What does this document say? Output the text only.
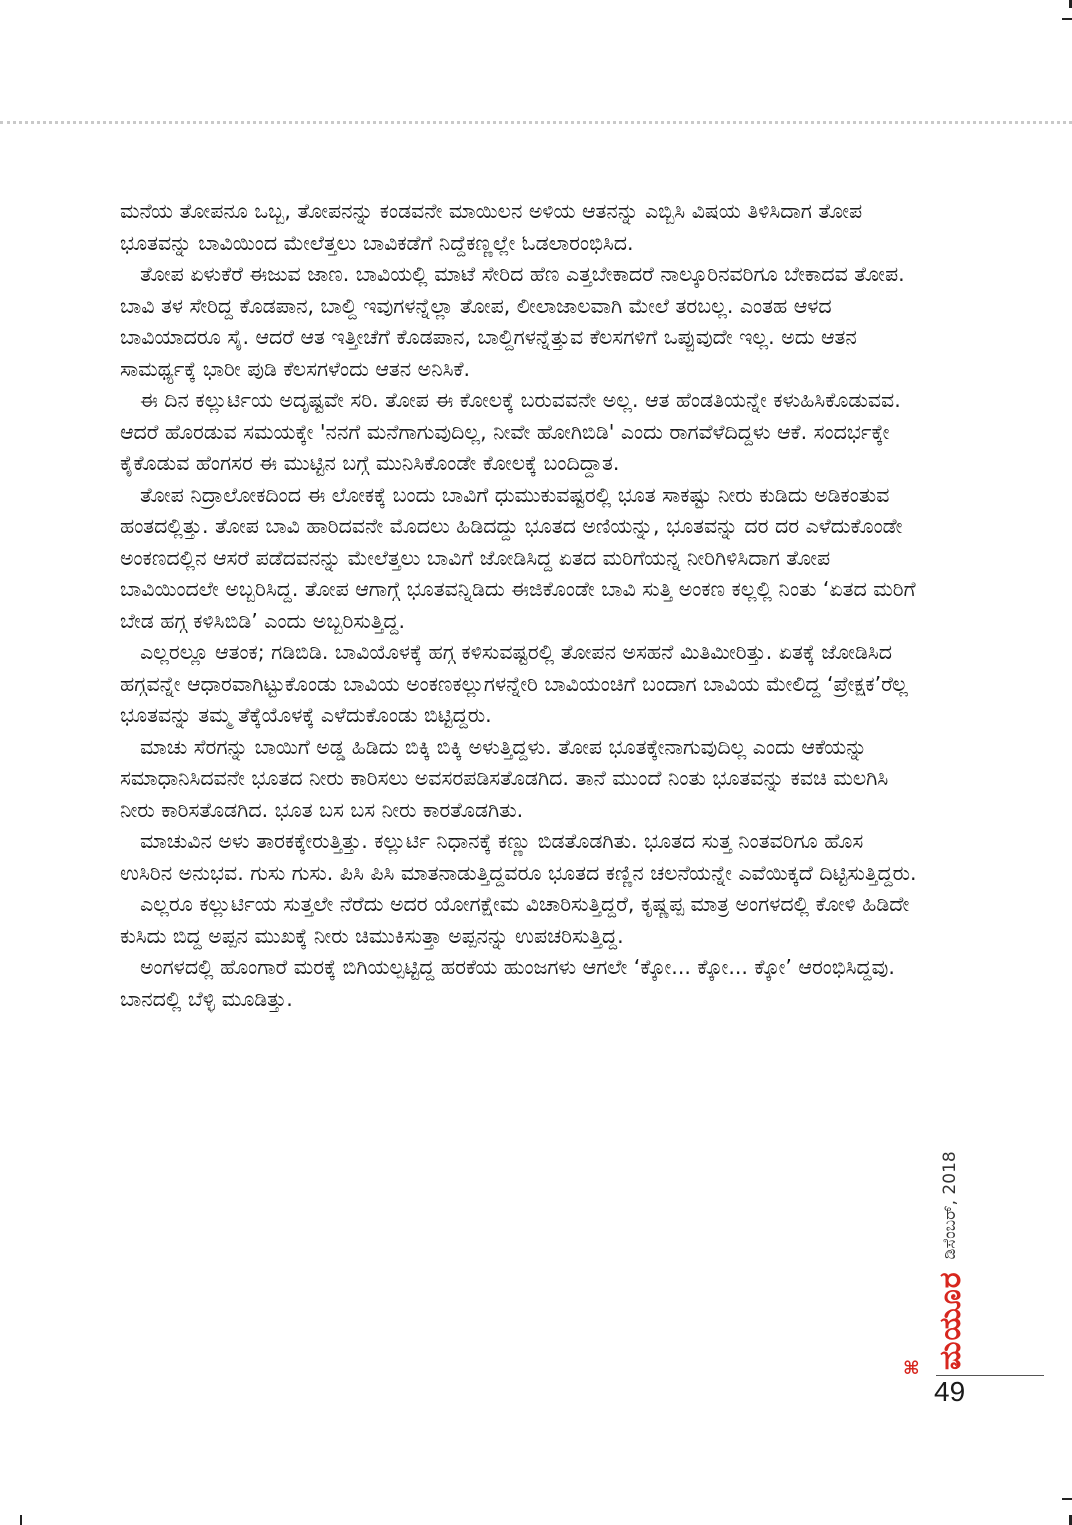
ಮನೆಯ ತೋಪನೂ ಒಬ್ಬ, ತೋಪನನ್ನು ಕಂಡವನೇ ಮಾಯಿಲನ ಅಳಿಯ ಆತನನ್ನು ಎಬ್ಬಿಸಿ ವಿಷಯ ತಿಳಿಸಿದಾಗ ತೋಪ ಭೂತವನ್ನು ಬಾವಿಯಿಂದ ಮೇಲೆತ್ತಲು ಬಾವಿಕಡೆಗೆ ನಿದ್ದೆಕಣ್ಣಲ್ಲೇ ಓಡಲಾರಂಭಿಸಿದ.

ತೋಪ ಏಳುಕೆರೆ ಈಜುವ ಜಾಣ. ಬಾವಿಯಲ್ಲಿ ಮಾಟೆ ಸೇರಿದ ಹೆಣ ಎತ್ತಬೇಕಾದರೆ ನಾಲ್ಕೂರಿನವರಿಗೂ ಬೇಕಾದವ ತೋಪ. ಬಾವಿ ತಳ ಸೇರಿದ್ದ ಕೊಡಪಾನ, ಬಾಲ್ದಿ ಇವುಗಳನ್ನೆಲ್ಲಾ ತೋಪ, ಲೀಲಾಜಾಲವಾಗಿ ಮೇಲೆ ತರಬಲ್ಲ. ಎಂತಹ ಆಳದ ಬಾವಿಯಾದರೂ ಸೈ. ಆದರೆ ಆತ ಇತ್ತೀಚೆಗೆ ಕೊಡಪಾನ, ಬಾಲ್ದಿಗಳನ್ನೆತ್ತುವ ಕೆಲಸಗಳಿಗೆ ಒಪ್ಪುವುದೇ ಇಲ್ಲ. ಅದು ಆತನ ಸಾಮರ್ಥ್ಯಕ್ಕೆ ಭಾರೀ ಪುಡಿ ಕೆಲಸಗಳೆಂದು ಆತನ ಅನಿಸಿಕೆ.

ಈ ದಿನ ಕಲ್ಲುರ್ಟಿಯ ಅದೃಷ್ಟವೇ ಸರಿ. ತೋಪ ಈ ಕೋಲಕ್ಕೆ ಬರುವವನೇ ಅಲ್ಲ. ಆತ ಹೆಂಡತಿಯನ್ನೇ ಕಳುಹಿಸಿಕೊಡುವವ. ಆದರೆ ಹೊರಡುವ ಸಮಯಕ್ಕೇ 'ನನಗೆ ಮನೆಗಾಗುವುದಿಲ್ಲ, ನೀವೇ ಹೋಗಿಬಿಡಿ' ಎಂದು ರಾಗವೆಳೆದಿದ್ದಳು ಆಕೆ. ಸಂದರ್ಭಕ್ಕೇ ಕೈಕೊಡುವ ಹೆಂಗಸರ ಈ ಮುಟ್ಟಿನ ಬಗ್ಗೆ ಮುನಿಸಿಕೊಂಡೇ ಕೋಲಕ್ಕೆ ಬಂದಿದ್ದಾತ.

ತೋಪ ನಿದ್ರಾಲೋಕದಿಂದ ಈ ಲೋಕಕ್ಕೆ ಬಂದು ಬಾವಿಗೆ ಧುಮುಕುವಷ್ಟರಲ್ಲಿ ಭೂತ ಸಾಕಷ್ಟು ನೀರು ಕುಡಿದು ಅಡಿಕಂತುವ ಹಂತದಲ್ಲಿತ್ತು. ತೋಪ ಬಾವಿ ಹಾರಿದವನೇ ಮೊದಲು ಹಿಡಿದದ್ದು ಭೂತದ ಅಣಿಯನ್ನು, ಭೂತವನ್ನು ದರ ದರ ಎಳೆದುಕೊಂಡೇ ಅಂಕಣದಲ್ಲಿನ ಆಸರೆ ಪಡೆದವನನ್ನು ಮೇಲೆತ್ತಲು ಬಾವಿಗೆ ಜೋಡಿಸಿದ್ದ ಏತದ ಮರಿಗೆಯನ್ನ ನೀರಿಗಿಳಿಸಿದಾಗ ತೋಪ ಬಾವಿಯಿಂದಲೇ ಅಬ್ಬರಿಸಿದ್ದ. ತೋಪ ಆಗಾಗ್ಗೆ ಭೂತವನ್ನಿಡಿದು ಈಜಿಕೊಂಡೇ ಬಾವಿ ಸುತ್ತಿ ಅಂಕಣ ಕಲ್ಲಲ್ಲಿ ನಿಂತು ‘ಏತದ ಮರಿಗೆ ಬೇಡ ಹಗ್ಗ ಕಳಿಸಿಬಿಡಿ’ ಎಂದು ಅಬ್ಬರಿಸುತ್ತಿದ್ದ.

ಎಲ್ಲರಲ್ಲೂ ಆತಂಕ; ಗಡಿಬಿಡಿ. ಬಾವಿಯೊಳಕ್ಕೆ ಹಗ್ಗ ಕಳಿಸುವಷ್ಟರಲ್ಲಿ ತೋಪನ ಅಸಹನೆ ಮಿತಿಮೀರಿತ್ತು. ಏತಕ್ಕೆ ಜೋಡಿಸಿದ ಹಗ್ಗವನ್ನೇ ಆಧಾರವಾಗಿಟ್ಟುಕೊಂಡು ಬಾವಿಯ ಅಂಕಣಕಲ್ಲುಗಳನ್ನೇರಿ ಬಾವಿಯಂಚಿಗೆ ಬಂದಾಗ ಬಾವಿಯ ಮೇಲಿದ್ದ ‘ಪ್ರೇಕ್ಷಕ’ರೆಲ್ಲ ಭೂತವನ್ನು ತಮ್ಮ ತೆಕ್ಕೆಯೊಳಕ್ಕೆ ಎಳೆದುಕೊಂಡು ಬಿಟ್ಟಿದ್ದರು.

ಮಾಚು ಸೆರಗನ್ನು ಬಾಯಿಗೆ ಅಡ್ಡ ಹಿಡಿದು ಬಿಕ್ಕಿ ಬಿಕ್ಕಿ ಅಳುತ್ತಿದ್ದಳು. ತೋಪ ಭೂತಕ್ಕೇನಾಗುವುದಿಲ್ಲ ಎಂದು ಆಕೆಯನ್ನು ಸಮಾಧಾನಿಸಿದವನೇ ಭೂತದ ನೀರು ಕಾರಿಸಲು ಅವಸರಪಡಿಸತೊಡಗಿದ. ತಾನೆ ಮುಂದೆ ನಿಂತು ಭೂತವನ್ನು ಕವಚಿ ಮಲಗಿಸಿ ನೀರು ಕಾರಿಸತೊಡಗಿದ. ಭೂತ ಬಸ ಬಸ ನೀರು ಕಾರತೊಡಗಿತು.

ಮಾಚುವಿನ ಅಳು ತಾರಕಕ್ಕೇರುತ್ತಿತ್ತು. ಕಲ್ಲುರ್ಟಿ ನಿಧಾನಕ್ಕೆ ಕಣ್ಣು ಬಿಡತೊಡಗಿತು. ಭೂತದ ಸುತ್ತ ನಿಂತವರಿಗೂ ಹೊಸ ಉಸಿರಿನ ಅನುಭವ. ಗುಸು ಗುಸು. ಪಿಸಿ ಪಿಸಿ ಮಾತನಾಡುತ್ತಿದ್ದವರೂ ಭೂತದ ಕಣ್ಣಿನ ಚಲನೆಯನ್ನೇ ಎವೆಯಿಕ್ಕದೆ ದಿಟ್ಟಿಸುತ್ತಿದ್ದರು.

ಎಲ್ಲರೂ ಕಲ್ಲುರ್ಟಿಯ ಸುತ್ತಲೇ ನೆರೆದು ಅದರ ಯೋಗಕ್ಷೇಮ ವಿಚಾರಿಸುತ್ತಿದ್ದರೆ, ಕೃಷ್ಣಪ್ಪ ಮಾತ್ರ ಅಂಗಳದಲ್ಲಿ ಕೋಳಿ ಹಿಡಿದೇ ಕುಸಿದು ಬಿದ್ದ ಅಪ್ಪನ ಮುಖಕ್ಕೆ ನೀರು ಚಿಮುಕಿಸುತ್ತಾ ಅಪ್ಪನನ್ನು ಉಪಚರಿಸುತ್ತಿದ್ದ.

ಅಂಗಳದಲ್ಲಿ ಹೊಂಗಾರೆ ಮರಕ್ಕೆ ಬಿಗಿಯಲ್ಪಟ್ಟಿದ್ದ ಹರಕೆಯ ಹುಂಜಗಳು ಆಗಲೇ ‘ಕ್ಕೋ... ಕ್ಕೋ... ಕ್ಕೋ’ ಆರಂಭಿಸಿದ್ದವು. ಬಾನದಲ್ಲಿ ಬೆಳ್ಳಿ ಮೂಡಿತ್ತು.

ಮಯೂರ
ಡಿಸೆಂಬರ್, 2018
⌘
49
